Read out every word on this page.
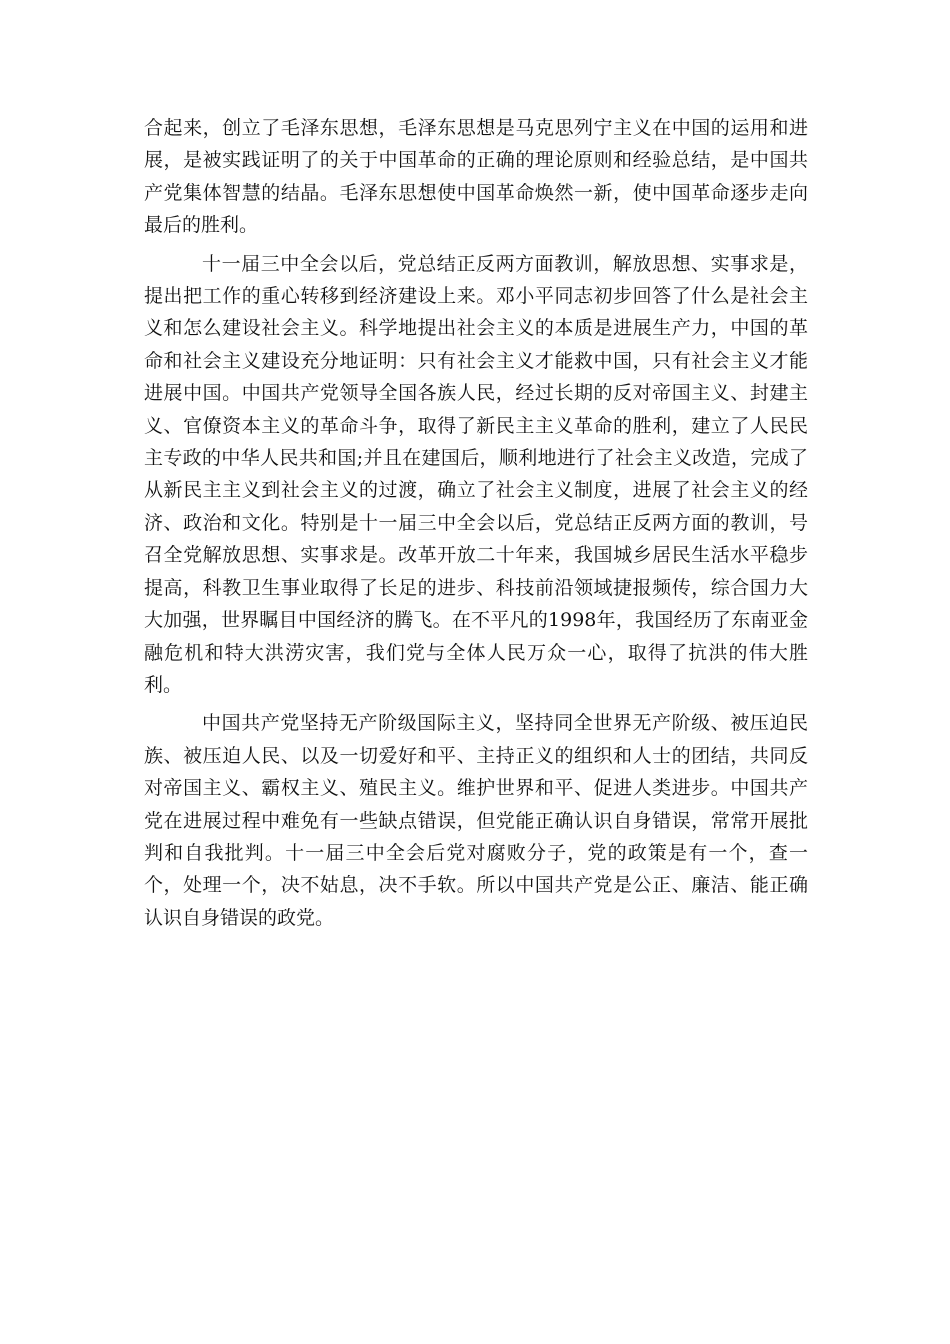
合起来，创立了毛泽东思想，毛泽东思想是马克思列宁主义在中国的运用和进展，是被实践证明了的关于中国革命的正确的理论原则和经验总结，是中国共产党集体智慧的结晶。毛泽东思想使中国革命焕然一新，使中国革命逐步走向最后的胜利。

十一届三中全会以后，党总结正反两方面教训，解放思想、实事求是，提出把工作的重心转移到经济建设上来。邓小平同志初步回答了什么是社会主义和怎么建设社会主义。科学地提出社会主义的本质是进展生产力，中国的革命和社会主义建设充分地证明：只有社会主义才能救中国，只有社会主义才能进展中国。中国共产党领导全国各族人民，经过长期的反对帝国主义、封建主义、官僚资本主义的革命斗争，取得了新民主主义革命的胜利，建立了人民民主专政的中华人民共和国;并且在建国后，顺利地进行了社会主义改造，完成了从新民主主义到社会主义的过渡，确立了社会主义制度，进展了社会主义的经济、政治和文化。特别是十一届三中全会以后，党总结正反两方面的教训，号召全党解放思想、实事求是。改革开放二十年来，我国城乡居民生活水平稳步提高，科教卫生事业取得了长足的进步、科技前沿领域捷报频传，综合国力大大加强，世界瞩目中国经济的腾飞。在不平凡的1998年，我国经历了东南亚金融危机和特大洪涝灾害，我们党与全体人民万众一心，取得了抗洪的伟大胜利。

中国共产党坚持无产阶级国际主义，坚持同全世界无产阶级、被压迫民族、被压迫人民、以及一切爱好和平、主持正义的组织和人士的团结，共同反对帝国主义、霸权主义、殖民主义。维护世界和平、促进人类进步。中国共产党在进展过程中难免有一些缺点错误，但党能正确认识自身错误，常常开展批判和自我批判。十一届三中全会后党对腐败分子，党的政策是有一个，查一个，处理一个，决不姑息，决不手软。所以中国共产党是公正、廉洁、能正确认识自身错误的政党。
